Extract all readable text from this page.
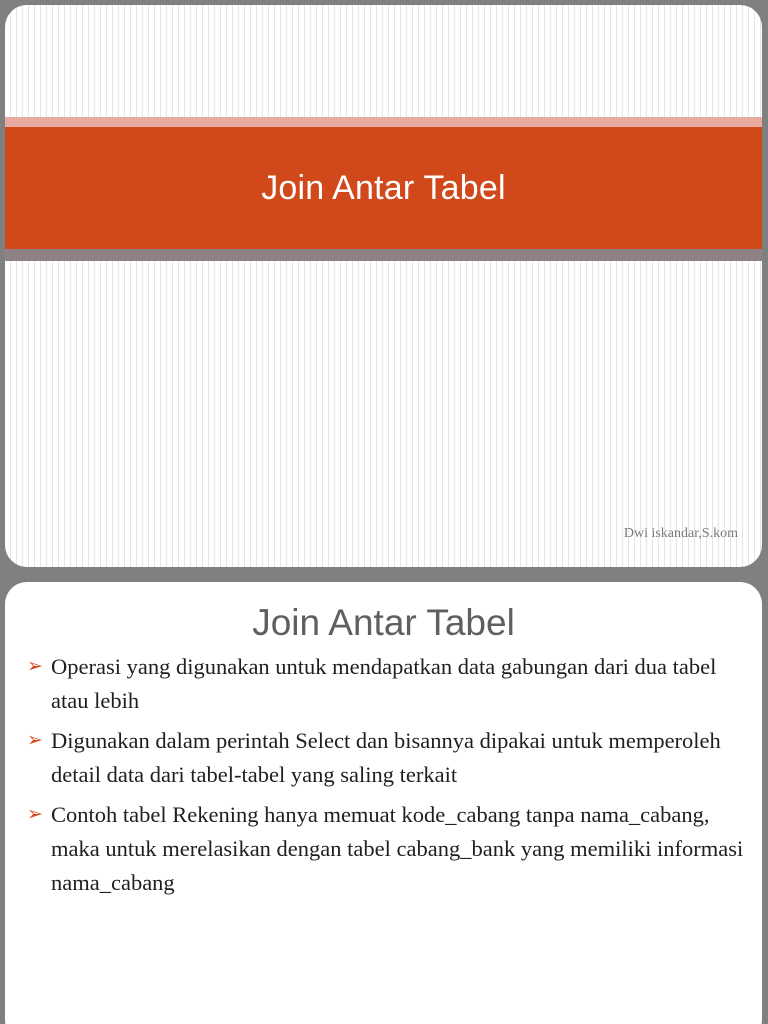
Join Antar Tabel
Dwi iskandar,S.kom
Join Antar Tabel
➢ Operasi yang digunakan untuk mendapatkan data gabungan dari dua tabel atau lebih
➢ Digunakan dalam perintah Select dan bisannya dipakai untuk memperoleh detail data dari tabel-tabel yang saling terkait
➢ Contoh tabel Rekening hanya memuat kode_cabang tanpa nama_cabang, maka untuk merelasikan dengan tabel cabang_bank yang memiliki informasi nama_cabang
